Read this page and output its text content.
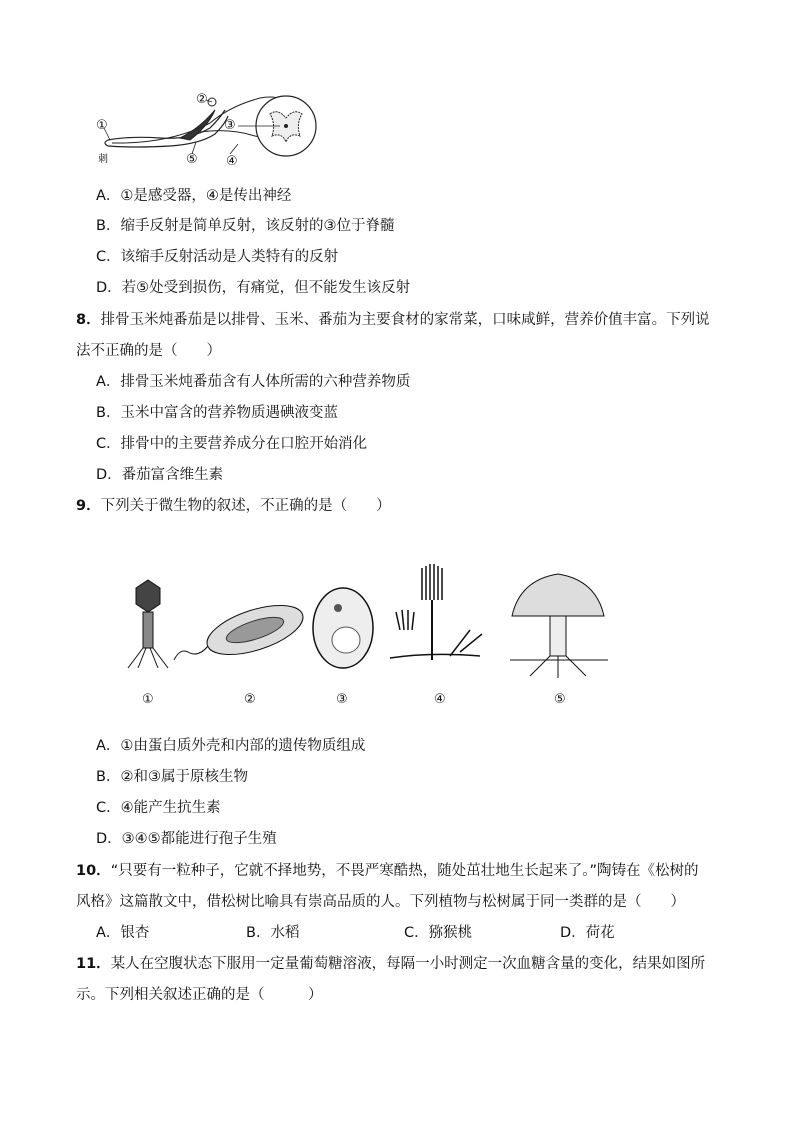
①
刺
②
③
④
⑤
A．①是感受器，④是传出神经
B．缩手反射是简单反射，该反射的③位于脊髓
C．该缩手反射活动是人类特有的反射
D．若⑤处受到损伤，有痛觉，但不能发生该反射
8．排骨玉米炖番茄是以排骨、玉米、番茄为主要食材的家常菜，口味咸鲜，营养价值丰富。下列说
法不正确的是（　　）
A．排骨玉米炖番茄含有人体所需的六种营养物质
B．玉米中富含的营养物质遇碘液变蓝
C．排骨中的主要营养成分在口腔开始消化
D．番茄富含维生素
9．下列关于微生物的叙述，不正确的是（　　）
①	②	③	④	⑤
A．①由蛋白质外壳和内部的遗传物质组成
B．②和③属于原核生物
C．④能产生抗生素
D．③④⑤都能进行孢子生殖
10．“只要有一粒种子，它就不择地势，不畏严寒酷热，随处茁壮地生长起来了。”陶铸在《松树的
风格》这篇散文中，借松树比喻具有崇高品质的人。下列植物与松树属于同一类群的是（　　）
A．银杏	B．水稻	C．猕猴桃	D．荷花
11．某人在空腹状态下服用一定量葡萄糖溶液，每隔一小时测定一次血糖含量的变化，结果如图所
示。下列相关叙述正确的是（　　　）
